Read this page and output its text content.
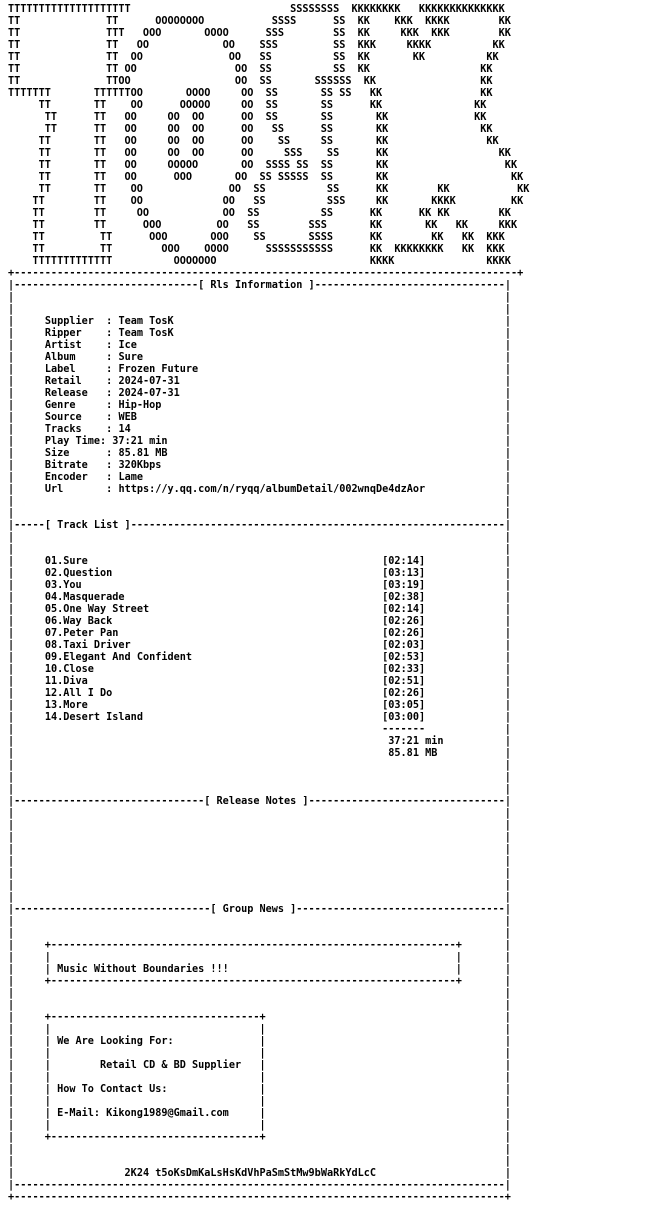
TTTTTTTTTTTTTTTTTTTT                          SSSSSSSS  KKKKKKKK   KKKKKKKKKKKKKK
TT              TT      OOOOOOOO           SSSS      SS  KK    KKK  KKKK        KK
TT              TTT   OOO       OOOO      SSS        SS  KK     KKK  KKK        KK
TT              TT   OO            OO    SSS         SS  KKK     KKKK          KK
TT              TT  OO              OO   SS          SS  KK       KK          KK
TT              TT OO                OO  SS          SS  KK                  KK
TT              TTOO                 OO  SS       SSSSSS  KK                 KK
TTTTTTT       TTTTTTOO       OOOO     OO  SS       SS SS   KK                KK
TT       TT    OO      OOOOO     OO  SS       SS      KK               KK
TT      TT   OO     OO  OO      OO  SS       SS       KK              KK
TT      TT   OO     OO  OO      OO   SS      SS       KK               KK
TT       TT   OO     OO  OO      OO    SS     SS       KK                KK
TT       TT   OO     OO  OO      OO     SSS    SS      KK                  KK
TT       TT   OO     OOOOO       OO  SSSS SS  SS       KK                   KK
TT       TT   OO      OOO       OO  SS SSSSS  SS       KK                    KK
TT       TT    OO              OO  SS          SS      KK        KK           KK
TT        TT    OO             OO   SS          SSS     KK       KKKK         KK
TT        TT     OO            OO  SS          SS      KK      KK KK        KK
TT        TT      OOO         OO   SS        SSS       KK       KK   KK     KKK
TT         TT      OOO       OOO    SS       SSSS      KK        KK   KK  KKK
TT         TT        OOO    OOOO      SSSSSSSSSSS      KK  KKKKKKKK   KK  KKK
TTTTTTTTTTTTT          OOOOOOO                         KKKK               KKKK
+----------------------------------------------------------------------------------+
|------------------------------[ Rls Information ]-------------------------------|
|                                                                                |
|                                                                                |
|     Supplier  : Team TosK                                                      |
|     Ripper    : Team TosK                                                      |
|     Artist    : Ice                                                            |
|     Album     : Sure                                                           |
|     Label     : Frozen Future                                                  |
|     Retail    : 2024-07-31                                                     |
|     Release   : 2024-07-31                                                     |
|     Genre     : Hip-Hop                                                        |
|     Source    : WEB                                                            |
|     Tracks    : 14                                                             |
|     Play Time: 37:21 min                                                       |
|     Size      : 85.81 MB                                                       |
|     Bitrate   : 320Kbps                                                        |
|     Encoder   : Lame                                                           |
|     Url       : https://y.qq.com/n/ryqq/albumDetail/002wnqDe4dzAor             |
|                                                                                |
|                                                                                |
|-----[ Track List ]-------------------------------------------------------------|
|                                                                                |
|                                                                                |
|     01.Sure	[02:14]             |
|     02.Question	[03:13]             |
|     03.You	[03:19]             |
|     04.Masquerade	[02:38]             |
|     05.One Way Street	[02:14]             |
|     06.Way Back	[02:26]             |
|     07.Peter Pan	[02:26]             |
|     08.Taxi Driver	[02:03]             |
|     09.Elegant And Confident	[02:53]             |
|     10.Close	[02:33]             |
|     11.Diva	[02:51]             |
|     12.All I Do	[02:26]             |
|     13.More	[03:05]             |
|     14.Desert Island	[03:00]             |
|                                                            -------             |
|                                                             37:21 min          |
|                                                             85.81 MB           |
|                                                                                |
|                                                                                |
|                                                                                |
|-------------------------------[ Release Notes ]--------------------------------|
|                                                                                |
|                                                                                |
|                                                                                |
|                                                                                |
|                                                                                |
|                                                                                |
|                                                                                |
|                                                                                |
|--------------------------------[ Group News ]----------------------------------|
|                                                                                |
|                                                                                |
|     +------------------------------------------------------------------+       |
|     |                                                                  |       |
|     | Music Without Boundaries !!!                                     |       |
|     +------------------------------------------------------------------+       |
|                                                                                |
|                                                                                |
|     +----------------------------------+                                       |
|     |                                  |                                       |
|     | We Are Looking For:              |                                       |
|     |                                  |                                       |
|     |        Retail CD & BD Supplier   |                                       |
|     |                                  |                                       |
|     | How To Contact Us:               |                                       |
|     |                                  |                                       |
|     | E-Mail: Kikong1989@Gmail.com     |                                       |
|     |                                  |                                       |
|     +----------------------------------+                                       |
|                                                                                |
|                                                                                |
|                  2K24 t5oKsDmKaLsHsKdVhPaSmStMw9bWaRkYdLcC                     |
|--------------------------------------------------------------------------------|
+--------------------------------------------------------------------------------+
